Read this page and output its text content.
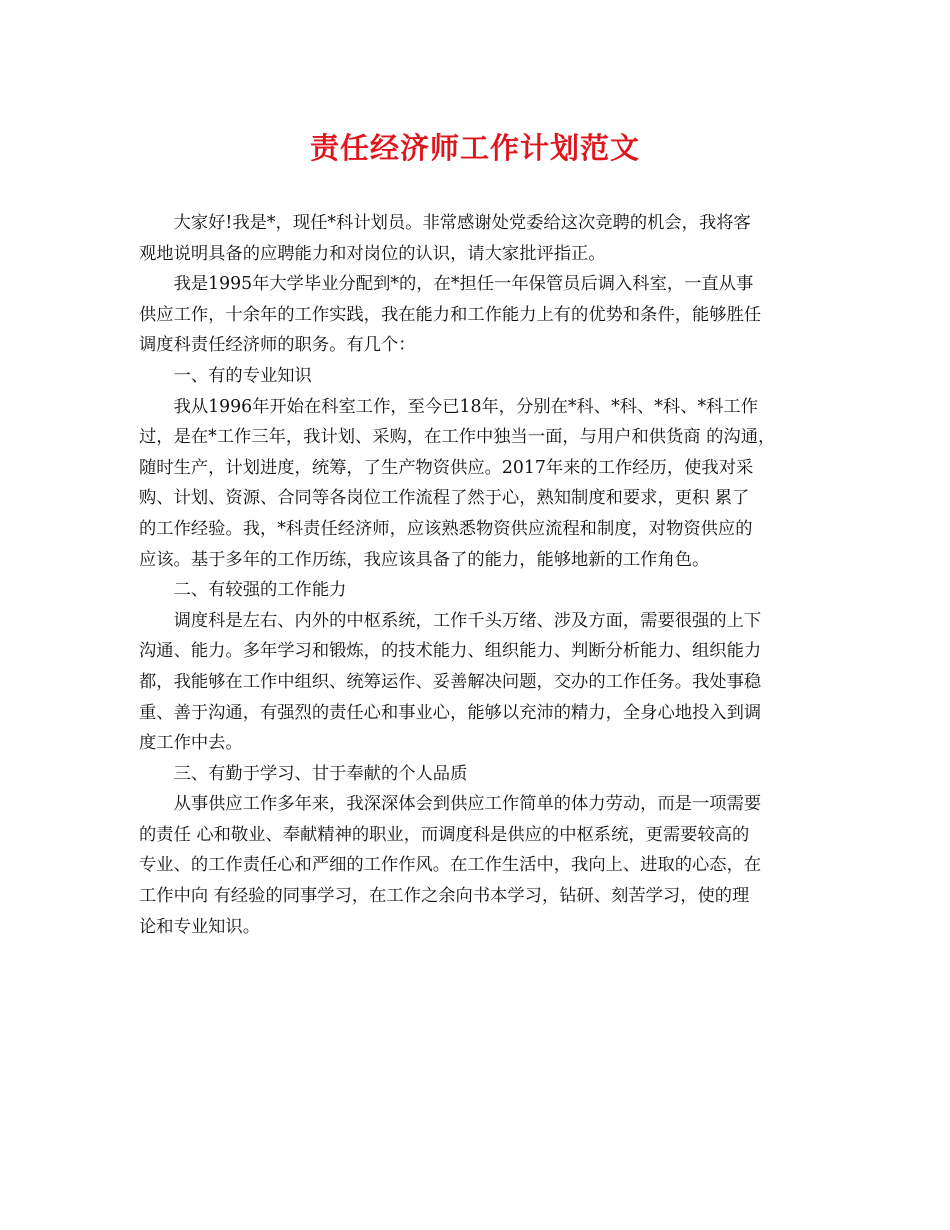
责任经济师工作计划范文
　　大家好!我是*，现任*科计划员。非常感谢处党委给这次竞聘的机会，我将客
观地说明具备的应聘能力和对岗位的认识，请大家批评指正。
　　我是1995年大学毕业分配到*的，在*担任一年保管员后调入科室，一直从事
供应工作，十余年的工作实践，我在能力和工作能力上有的优势和条件，能够胜任
调度科责任经济师的职务。有几个：
　　一、有的专业知识
　　我从1996年开始在科室工作，至今已18年，分别在*科、*科、*科、*科工作
过，是在*工作三年，我计划、采购，在工作中独当一面，与用户和供货商 的沟通，
随时生产，计划进度，统筹，了生产物资供应。2017年来的工作经历，使我对采
购、计划、资源、合同等各岗位工作流程了然于心，熟知制度和要求，更积 累了
的工作经验。我，*科责任经济师，应该熟悉物资供应流程和制度，对物资供应的
应该。基于多年的工作历练，我应该具备了的能力，能够地新的工作角色。
　　二、有较强的工作能力
　　调度科是左右、内外的中枢系统，工作千头万绪、涉及方面，需要很强的上下
沟通、能力。多年学习和锻炼，的技术能力、组织能力、判断分析能力、组织能力
都，我能够在工作中组织、统筹运作、妥善解决问题，交办的工作任务。我处事稳
重、善于沟通，有强烈的责任心和事业心，能够以充沛的精力，全身心地投入到调
度工作中去。
　　三、有勤于学习、甘于奉献的个人品质
　　从事供应工作多年来，我深深体会到供应工作简单的体力劳动，而是一项需要
的责任 心和敬业、奉献精神的职业，而调度科是供应的中枢系统，更需要较高的
专业、的工作责任心和严细的工作作风。在工作生活中，我向上、进取的心态，在
工作中向 有经验的同事学习，在工作之余向书本学习，钻研、刻苦学习，使的理
论和专业知识。
